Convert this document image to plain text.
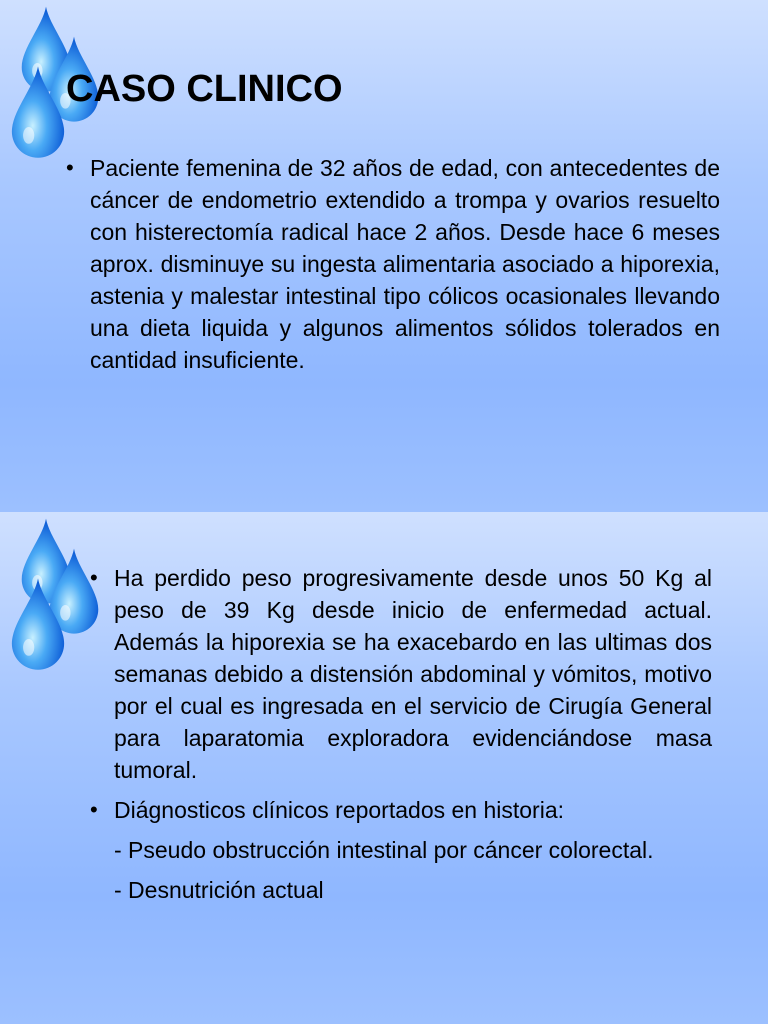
CASO CLINICO
• Paciente femenina de 32 años de edad, con antecedentes de cáncer de endometrio extendido a trompa y ovarios resuelto con histerectomía radical hace 2 años. Desde hace 6 meses aprox. disminuye su ingesta alimentaria asociado a hiporexia, astenia y malestar intestinal tipo cólicos ocasionales llevando una dieta liquida y algunos alimentos sólidos tolerados en cantidad insuficiente.
• Ha perdido peso progresivamente desde unos 50 Kg al peso de 39 Kg desde inicio de enfermedad actual. Además la hiporexia se ha exacebardo en las ultimas dos semanas debido a distensión abdominal y vómitos, motivo por el cual es ingresada en el servicio de Cirugía General para laparatomia exploradora evidenciándose masa tumoral.
• Diágnosticos clínicos reportados en historia:
- Pseudo obstrucción intestinal por cáncer colorectal.
- Desnutrición actual
